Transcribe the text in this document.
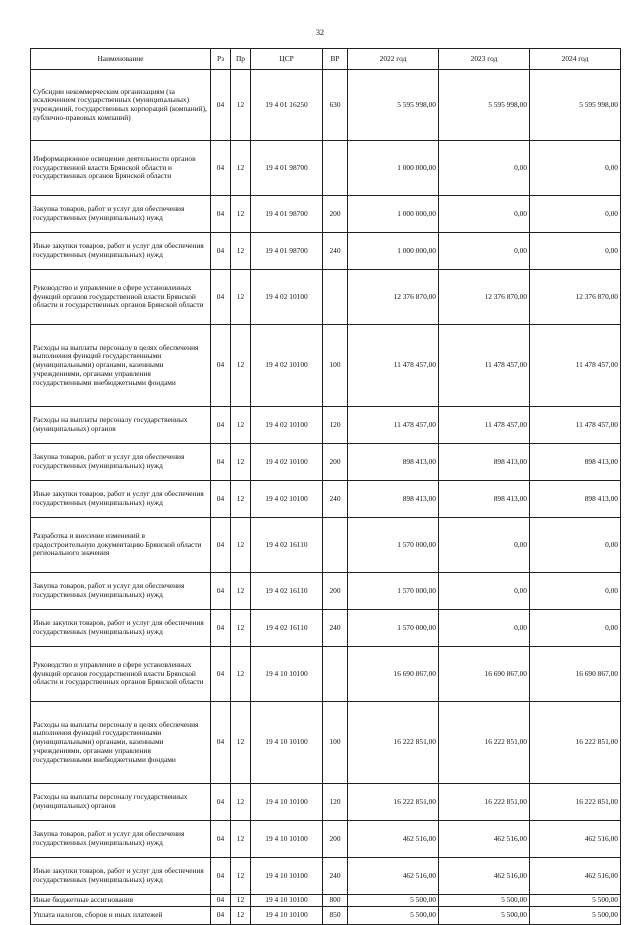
32
Наименование	Рз	Пр	ЦСР	ВР	2022 год	2023 год	2024 год
Субсидии некоммерческим организациям (за исключением государственных (муниципальных) учреждений, государственных корпораций (компаний), публично-правовых компаний)	04	12	19 4 01 16250	630	5 595 998,00	5 595 998,00	5 595 998,00
Информационное освещение деятельности органов государственной власти Брянской области и государственных органов Брянской области	04	12	19 4 01 98700		1 000 000,00	0,00	0,00
Закупка товаров, работ и услуг для обеспечения государственных (муниципальных) нужд	04	12	19 4 01 98700	200	1 000 000,00	0,00	0,00
Иные закупки товаров, работ и услуг для обеспечения государственных (муниципальных) нужд	04	12	19 4 01 98700	240	1 000 000,00	0,00	0,00
Руководство и управление в сфере установленных функций органов государственной власти Брянской области и государственных органов Брянской области	04	12	19 4 02 10100		12 376 870,00	12 376 870,00	12 376 870,00
Расходы на выплаты персоналу в целях обеспечения выполнения функций государственными (муниципальными) органами, казенными учреждениями, органами управления государственными внебюджетными фондами	04	12	19 4 02 10100	100	11 478 457,00	11 478 457,00	11 478 457,00
Расходы на выплаты персоналу государственных (муниципальных) органов	04	12	19 4 02 10100	120	11 478 457,00	11 478 457,00	11 478 457,00
Закупка товаров, работ и услуг для обеспечения государственных (муниципальных) нужд	04	12	19 4 02 10100	200	898 413,00	898 413,00	898 413,00
Иные закупки товаров, работ и услуг для обеспечения государственных (муниципальных) нужд	04	12	19 4 02 10100	240	898 413,00	898 413,00	898 413,00
Разработка и внесение изменений в градостроительную документацию Брянской области регионального значения	04	12	19 4 02 16110		1 570 000,00	0,00	0,00
Закупка товаров, работ и услуг для обеспечения государственных (муниципальных) нужд	04	12	19 4 02 16110	200	1 570 000,00	0,00	0,00
Иные закупки товаров, работ и услуг для обеспечения государственных (муниципальных) нужд	04	12	19 4 02 16110	240	1 570 000,00	0,00	0,00
Руководство и управление в сфере установленных функций органов государственной власти Брянской области и государственных органов Брянской области	04	12	19 4 10 10100		16 690 867,00	16 690 867,00	16 690 867,00
Расходы на выплаты персоналу в целях обеспечения выполнения функций государственными (муниципальными) органами, казенными учреждениями, органами управления государственными внебюджетными фондами	04	12	19 4 10 10100	100	16 222 851,00	16 222 851,00	16 222 851,00
Расходы на выплаты персоналу государственных (муниципальных) органов	04	12	19 4 10 10100	120	16 222 851,00	16 222 851,00	16 222 851,00
Закупка товаров, работ и услуг для обеспечения государственных (муниципальных) нужд	04	12	19 4 10 10100	200	462 516,00	462 516,00	462 516,00
Иные закупки товаров, работ и услуг для обеспечения государственных (муниципальных) нужд	04	12	19 4 10 10100	240	462 516,00	462 516,00	462 516,00
Иные бюджетные ассигнования	04	12	19 4 10 10100	800	5 500,00	5 500,00	5 500,00
Уплата налогов, сборов и иных платежей	04	12	19 4 10 10100	850	5 500,00	5 500,00	5 500,00
